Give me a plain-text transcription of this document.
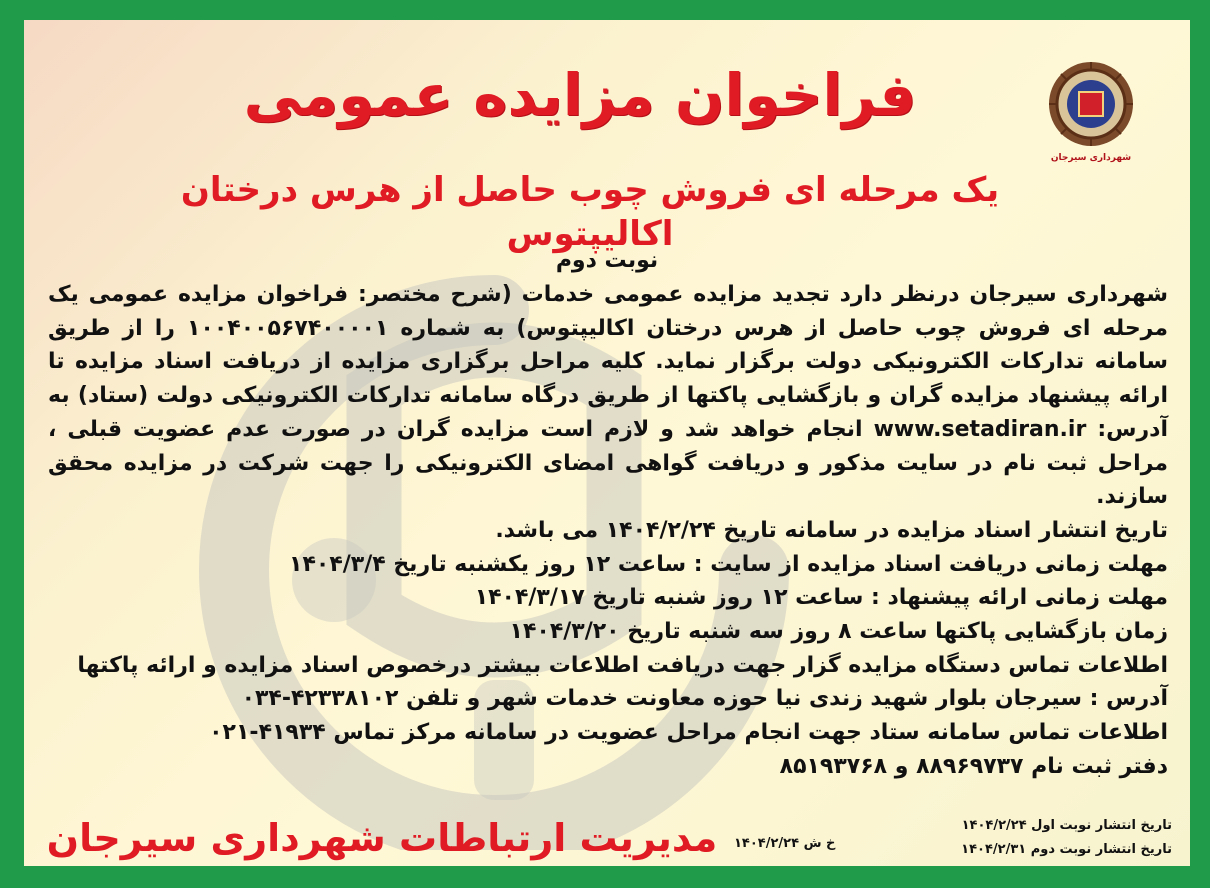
شهرداری سیرجان
فراخوان مزایده عمومی
یک مرحله ای فروش چوب حاصل از هرس درختان اکالیپتوس
نوبت دوم

شهرداری سیرجان درنظر دارد تجدید مزایده عمومی خدمات (شرح مختصر: فراخوان مزایده عمومی یک مرحله ای فروش چوب حاصل از هرس درختان اکالیپتوس) به شماره ۱۰۰۴۰۰۵۶۷۴۰۰۰۰۱ را از طریق سامانه تدارکات الکترونیکی دولت برگزار نماید. کلیه مراحل برگزاری مزایده از دریافت اسناد مزایده تا ارائه پیشنهاد مزایده گران و بازگشایی پاکتها از طریق درگاه سامانه تدارکات الکترونیکی دولت (ستاد) به آدرس: www.setadiran.ir انجام خواهد شد و لازم است مزایده گران در صورت عدم عضویت قبلی ، مراحل ثبت نام در سایت مذکور و دریافت گواهی امضای الکترونیکی را جهت شرکت در مزایده محقق سازند.

تاریخ انتشار اسناد مزایده در سامانه تاریخ ۱۴۰۴/۲/۲۴ می باشد.

مهلت زمانی دریافت اسناد مزایده از سایت : ساعت ۱۲ روز یکشنبه تاریخ ۱۴۰۴/۳/۴

مهلت زمانی ارائه پیشنهاد : ساعت ۱۲ روز شنبه تاریخ ۱۴۰۴/۳/۱۷

زمان بازگشایی پاکتها ساعت ۸ روز سه شنبه تاریخ ۱۴۰۴/۳/۲۰

اطلاعات تماس دستگاه مزایده گزار جهت دریافت اطلاعات بیشتر درخصوص اسناد مزایده و ارائه پاکتها

آدرس : سیرجان بلوار شهید زندی نیا حوزه معاونت خدمات شهر و تلفن ۴۲۳۳۸۱۰۲-۰۳۴

اطلاعات تماس سامانه ستاد جهت انجام مراحل عضویت در سامانه مرکز تماس ۴۱۹۳۴-۰۲۱

دفتر ثبت نام ۸۸۹۶۹۷۳۷ و ۸۵۱۹۳۷۶۸

تاریخ انتشار نوبت اول ۱۴۰۴/۲/۲۴
تاریخ انتشار نوبت دوم ۱۴۰۴/۲/۳۱
خ ش ۱۴۰۴/۲/۲۴
مدیریت ارتباطات شهرداری سیرجان
